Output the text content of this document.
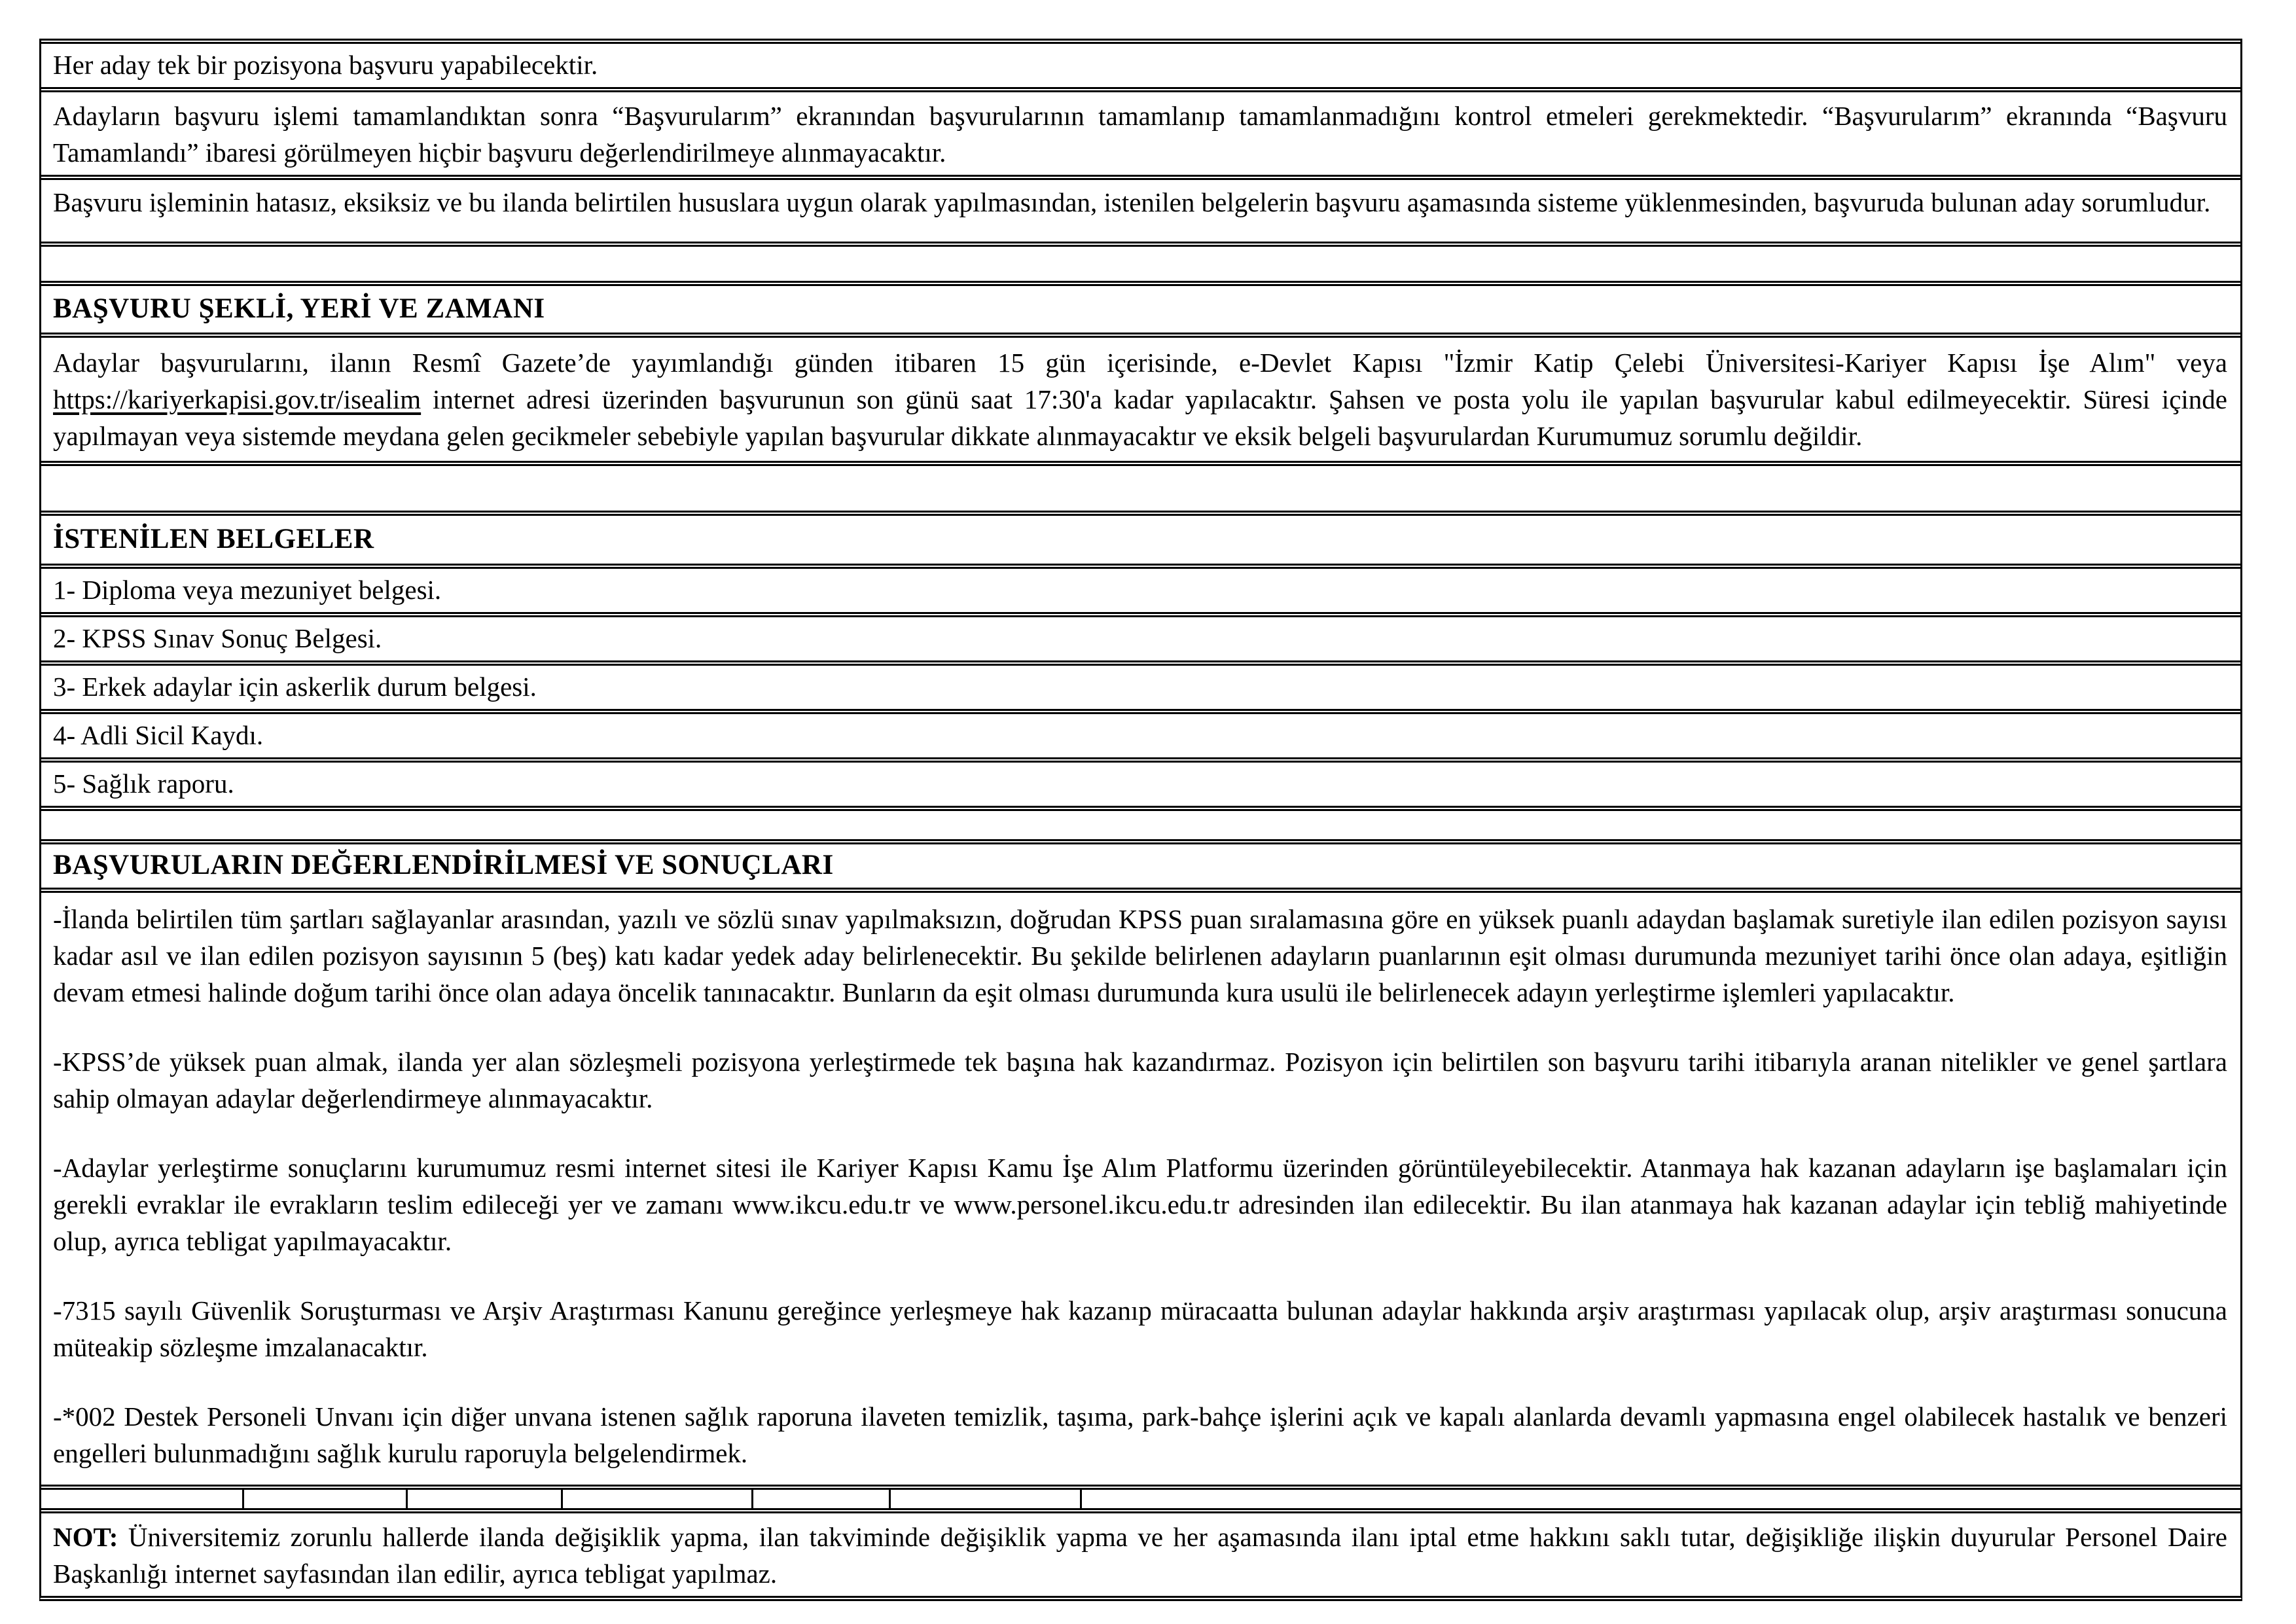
Her aday tek bir pozisyona başvuru yapabilecektir.

Adayların başvuru işlemi tamamlandıktan sonra “Başvurularım” ekranından başvurularının tamamlanıp tamamlanmadığını kontrol etmeleri gerekmektedir. “Başvurularım” ekranında “Başvuru Tamamlandı” ibaresi görülmeyen hiçbir başvuru değerlendirilmeye alınmayacaktır.

Başvuru işleminin hatasız, eksiksiz ve bu ilanda belirtilen hususlara uygun olarak yapılmasından, istenilen belgelerin başvuru aşamasında sisteme yüklenmesinden, başvuruda bulunan aday sorumludur.

BAŞVURU ŞEKLİ, YERİ VE ZAMANI

Adaylar başvurularını, ilanın Resmî Gazete’de yayımlandığı günden itibaren 15 gün içerisinde, e-Devlet Kapısı "İzmir Katip Çelebi Üniversitesi-Kariyer Kapısı İşe Alım" veya https://kariyerkapisi.gov.tr/isealim internet adresi üzerinden başvurunun son günü saat 17:30'a kadar yapılacaktır. Şahsen ve posta yolu ile yapılan başvurular kabul edilmeyecektir. Süresi içinde yapılmayan veya sistemde meydana gelen gecikmeler sebebiyle yapılan başvurular dikkate alınmayacaktır ve eksik belgeli başvurulardan Kurumumuz sorumlu değildir.

İSTENİLEN BELGELER

1- Diploma veya mezuniyet belgesi.

2- KPSS Sınav Sonuç Belgesi.

3- Erkek adaylar için askerlik durum belgesi.

4- Adli Sicil Kaydı.

5- Sağlık raporu.

BAŞVURULARIN DEĞERLENDİRİLMESİ VE SONUÇLARI

-İlanda belirtilen tüm şartları sağlayanlar arasından, yazılı ve sözlü sınav yapılmaksızın, doğrudan KPSS puan sıralamasına göre en yüksek puanlı adaydan başlamak suretiyle ilan edilen pozisyon sayısı kadar asıl ve ilan edilen pozisyon sayısının 5 (beş) katı kadar yedek aday belirlenecektir. Bu şekilde belirlenen adayların puanlarının eşit olması durumunda mezuniyet tarihi önce olan adaya, eşitliğin devam etmesi halinde doğum tarihi önce olan adaya öncelik tanınacaktır. Bunların da eşit olması durumunda kura usulü ile belirlenecek adayın yerleştirme işlemleri yapılacaktır.

-KPSS’de yüksek puan almak, ilanda yer alan sözleşmeli pozisyona yerleştirmede tek başına hak kazandırmaz. Pozisyon için belirtilen son başvuru tarihi itibarıyla aranan nitelikler ve genel şartlara sahip olmayan adaylar değerlendirmeye alınmayacaktır.

-Adaylar yerleştirme sonuçlarını kurumumuz resmi internet sitesi ile Kariyer Kapısı Kamu İşe Alım Platformu üzerinden görüntüleyebilecektir. Atanmaya hak kazanan adayların işe başlamaları için gerekli evraklar ile evrakların teslim edileceği yer ve zamanı www.ikcu.edu.tr ve www.personel.ikcu.edu.tr adresinden ilan edilecektir. Bu ilan atanmaya hak kazanan adaylar için tebliğ mahiyetinde olup, ayrıca tebligat yapılmayacaktır.

-7315 sayılı Güvenlik Soruşturması ve Arşiv Araştırması Kanunu gereğince yerleşmeye hak kazanıp müracaatta bulunan adaylar hakkında arşiv araştırması yapılacak olup, arşiv araştırması sonucuna müteakip sözleşme imzalanacaktır.

-*002 Destek Personeli Unvanı için diğer unvana istenen sağlık raporuna ilaveten temizlik, taşıma, park-bahçe işlerini açık ve kapalı alanlarda devamlı yapmasına engel olabilecek hastalık ve benzeri engelleri bulunmadığını sağlık kurulu raporuyla belgelendirmek.

NOT: Üniversitemiz zorunlu hallerde ilanda değişiklik yapma, ilan takviminde değişiklik yapma ve her aşamasında ilanı iptal etme hakkını saklı tutar, değişikliğe ilişkin duyurular Personel Daire Başkanlığı internet sayfasından ilan edilir, ayrıca tebligat yapılmaz.
